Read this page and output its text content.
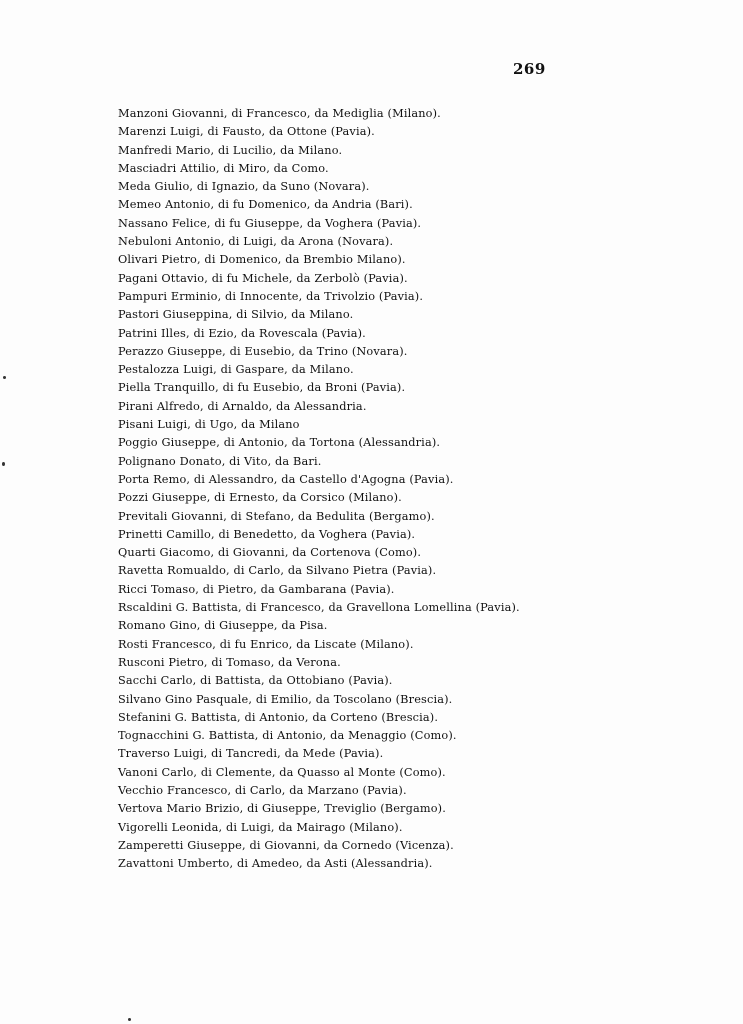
269
Manzoni Giovanni, di Francesco, da Mediglia (Milano).
Marenzi Luigi, di Fausto, da Ottone (Pavia).
Manfredi Mario, di Lucilio, da Milano.
Masciadri Attilio, di Miro, da Como.
Meda Giulio, di Ignazio, da Suno (Novara).
Memeo Antonio, di fu Domenico, da Andria (Bari).
Nassano Felice, di fu Giuseppe, da Voghera (Pavia).
Nebuloni Antonio, di Luigi, da Arona (Novara).
Olivari Pietro, di Domenico, da Brembio Milano).
Pagani Ottavio, di fu Michele, da Zerbolò (Pavia).
Pampuri Erminio, di Innocente, da Trivolzio (Pavia).
Pastori Giuseppina, di Silvio, da Milano.
Patrini Illes, di Ezio, da Rovescala (Pavia).
Perazzo Giuseppe, di Eusebio, da Trino (Novara).
Pestalozza Luigi, di Gaspare, da Milano.
Piella Tranquillo, di fu Eusebio, da Broni (Pavia).
Pirani Alfredo, di Arnaldo, da Alessandria.
Pisani Luigi, di Ugo, da Milano
Poggio Giuseppe, di Antonio, da Tortona (Alessandria).
Polignano Donato, di Vito, da Bari.
Porta Remo, di Alessandro, da Castello d'Agogna (Pavia).
Pozzi Giuseppe, di Ernesto, da Corsico (Milano).
Previtali Giovanni, di Stefano, da Bedulita (Bergamo).
Prinetti Camillo, di Benedetto, da Voghera (Pavia).
Quarti Giacomo, di Giovanni, da Cortenova (Como).
Ravetta Romualdo, di Carlo, da Silvano Pietra (Pavia).
Ricci Tomaso, di Pietro, da Gambarana (Pavia).
Rscaldini G. Battista, di Francesco, da Gravellona Lomellina (Pavia).
Romano Gino, di Giuseppe, da Pisa.
Rosti Francesco, di fu Enrico, da Liscate (Milano).
Rusconi Pietro, di Tomaso, da Verona.
Sacchi Carlo, di Battista, da Ottobiano (Pavia).
Silvano Gino Pasquale, di Emilio, da Toscolano (Brescia).
Stefanini G. Battista, di Antonio, da Corteno (Brescia).
Tognacchini G. Battista, di Antonio, da Menaggio (Como).
Traverso Luigi, di Tancredi, da Mede (Pavia).
Vanoni Carlo, di Clemente, da Quasso al Monte (Como).
Vecchio Francesco, di Carlo, da Marzano (Pavia).
Vertova Mario Brizio, di Giuseppe, Treviglio (Bergamo).
Vigorelli Leonida, di Luigi, da Mairago (Milano).
Zamperetti Giuseppe, di Giovanni, da Cornedo (Vicenza).
Zavattoni Umberto, di Amedeo, da Asti (Alessandria).
